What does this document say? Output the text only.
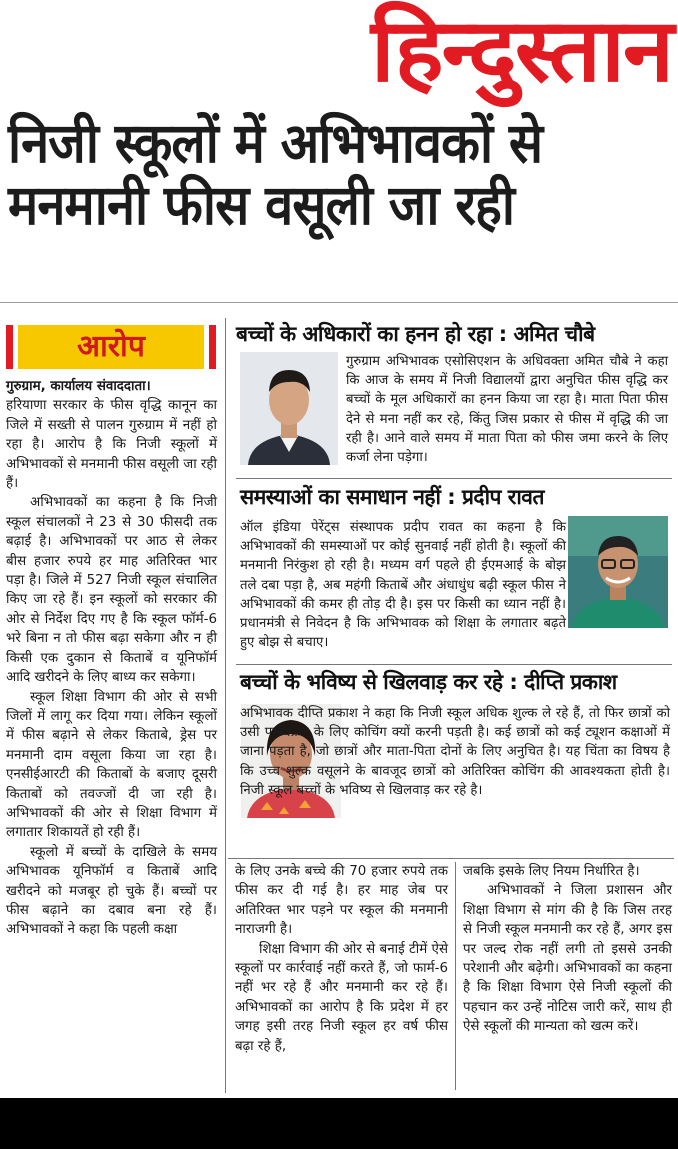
हिन्दुस्तान
निजी स्कूलों में अभिभावकों से
मनमानी फीस वसूली जा रही
आरोप

गुरुग्राम, कार्यालय संवाददाता।

हरियाणा सरकार के फीस वृद्धि कानून का जिले में सख्ती से पालन गुरुग्राम में नहीं हो रहा है। आरोप है कि निजी स्कूलों में अभिभावकों से मनमानी फीस वसूली जा रही हैं।

अभिभावकों का कहना है कि निजी स्कूल संचालकों ने 23 से 30 फीसदी तक बढ़ाई है। अभिभावकों पर आठ से लेकर बीस हजार रुपये हर माह अतिरिक्त भार पड़ा है। जिले में 527 निजी स्कूल संचालित किए जा रहे हैं। इन स्कूलों को सरकार की ओर से निर्देश दिए गए है कि स्कूल फॉर्म-6 भरे बिना न तो फीस बढ़ा सकेगा और न ही किसी एक दुकान से किताबें व यूनिफॉर्म आदि खरीदने के लिए बाध्य कर सकेगा।

स्कूल शिक्षा विभाग की ओर से सभी जिलों में लागू कर दिया गया। लेकिन स्कूलों में फीस बढ़ाने से लेकर किताबे, ड्रेस पर मनमानी दाम वसूला किया जा रहा है। एनसीईआरटी की किताबों के बजाए दूसरी किताबों को तवज्जों दी जा रही है। अभिभावकों की ओर से शिक्षा विभाग में लगातार शिकायतें हो रही हैं।

स्कूलो में बच्चों के दाखिले के समय अभिभावक यूनिफॉर्म व किताबें आदि खरीदने को मजबूर हो चुके हैं। बच्चों पर फीस बढ़ाने का दबाव बना रहे हैं। अभिभावकों ने कहा कि पहली कक्षा

बच्चों के अधिकारों का हनन हो रहा : अमित चौबे
गुरुग्राम अभिभावक एसोसिएशन के अधिवक्ता अमित चौबे ने कहा कि आज के समय में निजी विद्यालयों द्वारा अनुचित फीस वृद्धि कर बच्चों के मूल अधिकारों का हनन किया जा रहा है। माता पिता फीस देने से मना नहीं कर रहे, किंतु जिस प्रकार से फीस में वृद्धि की जा रही है। आने वाले समय में माता पिता को फीस जमा करने के लिए कर्जा लेना पड़ेगा।
समस्याओं का समाधान नहीं : प्रदीप रावत
ऑल इंडिया पेरेंट्स संस्थापक प्रदीप रावत का कहना है कि अभिभावकों की समस्याओं पर कोई सुनवाई नहीं होती है। स्कूलों की मनमानी निरंकुश हो रही है। मध्यम वर्ग पहले ही ईएमआई के बोझ तले दबा पड़ा है, अब महंगी किताबें और अंधाधुंध बढ़ी स्कूल फीस ने अभिभावकों की कमर ही तोड़ दी है। इस पर किसी का ध्यान नहीं है। प्रधानमंत्री से निवेदन है कि अभिभावक को शिक्षा के लगातार बढ़ते हुए बोझ से बचाए।
बच्चों के भविष्य से खिलवाड़ कर रहे : दीप्ति प्रकाश
अभिभावक दीप्ति प्रकाश ने कहा कि निजी स्कूल अधिक शुल्क ले रहे हैं, तो फिर छात्रों को उसी पाठ्यक्रम के लिए कोचिंग क्यों करनी पड़ती है। कई छात्रों को कई ट्यूशन कक्षाओं में जाना पड़ता है, जो छात्रों और माता-पिता दोनों के लिए अनुचित है। यह चिंता का विषय है कि उच्च शुल्क वसूलने के बावजूद छात्रों को अतिरिक्त कोचिंग की आवश्यकता होती है। निजी स्कूल बच्चों के भविष्य से खिलवाड़ कर रहे है।

के लिए उनके बच्चे की 70 हजार रुपये तक फीस कर दी गई है। हर माह जेब पर अतिरिक्त भार पड़ने पर स्कूल की मनमानी नाराजगी है।

शिक्षा विभाग की ओर से बनाई टीमें ऐसे स्कूलों पर कार्रवाई नहीं करते हैं, जो फार्म-6 नहीं भर रहे हैं और मनमानी कर रहे हैं। अभिभावकों का आरोप है कि प्रदेश में हर जगह इसी तरह निजी स्कूल हर वर्ष फीस बढ़ा रहे हैं,

जबकि इसके लिए नियम निर्धारित है।

अभिभावकों ने जिला प्रशासन और शिक्षा विभाग से मांग की है कि जिस तरह से निजी स्कूल मनमानी कर रहे हैं, अगर इस पर जल्द रोक नहीं लगी तो इससे उनकी परेशानी और बढ़ेगी। अभिभावकों का कहना है कि शिक्षा विभाग ऐसे निजी स्कूलों की पहचान कर उन्हें नोटिस जारी करें, साथ ही ऐसे स्कूलों की मान्यता को खत्म करें।
